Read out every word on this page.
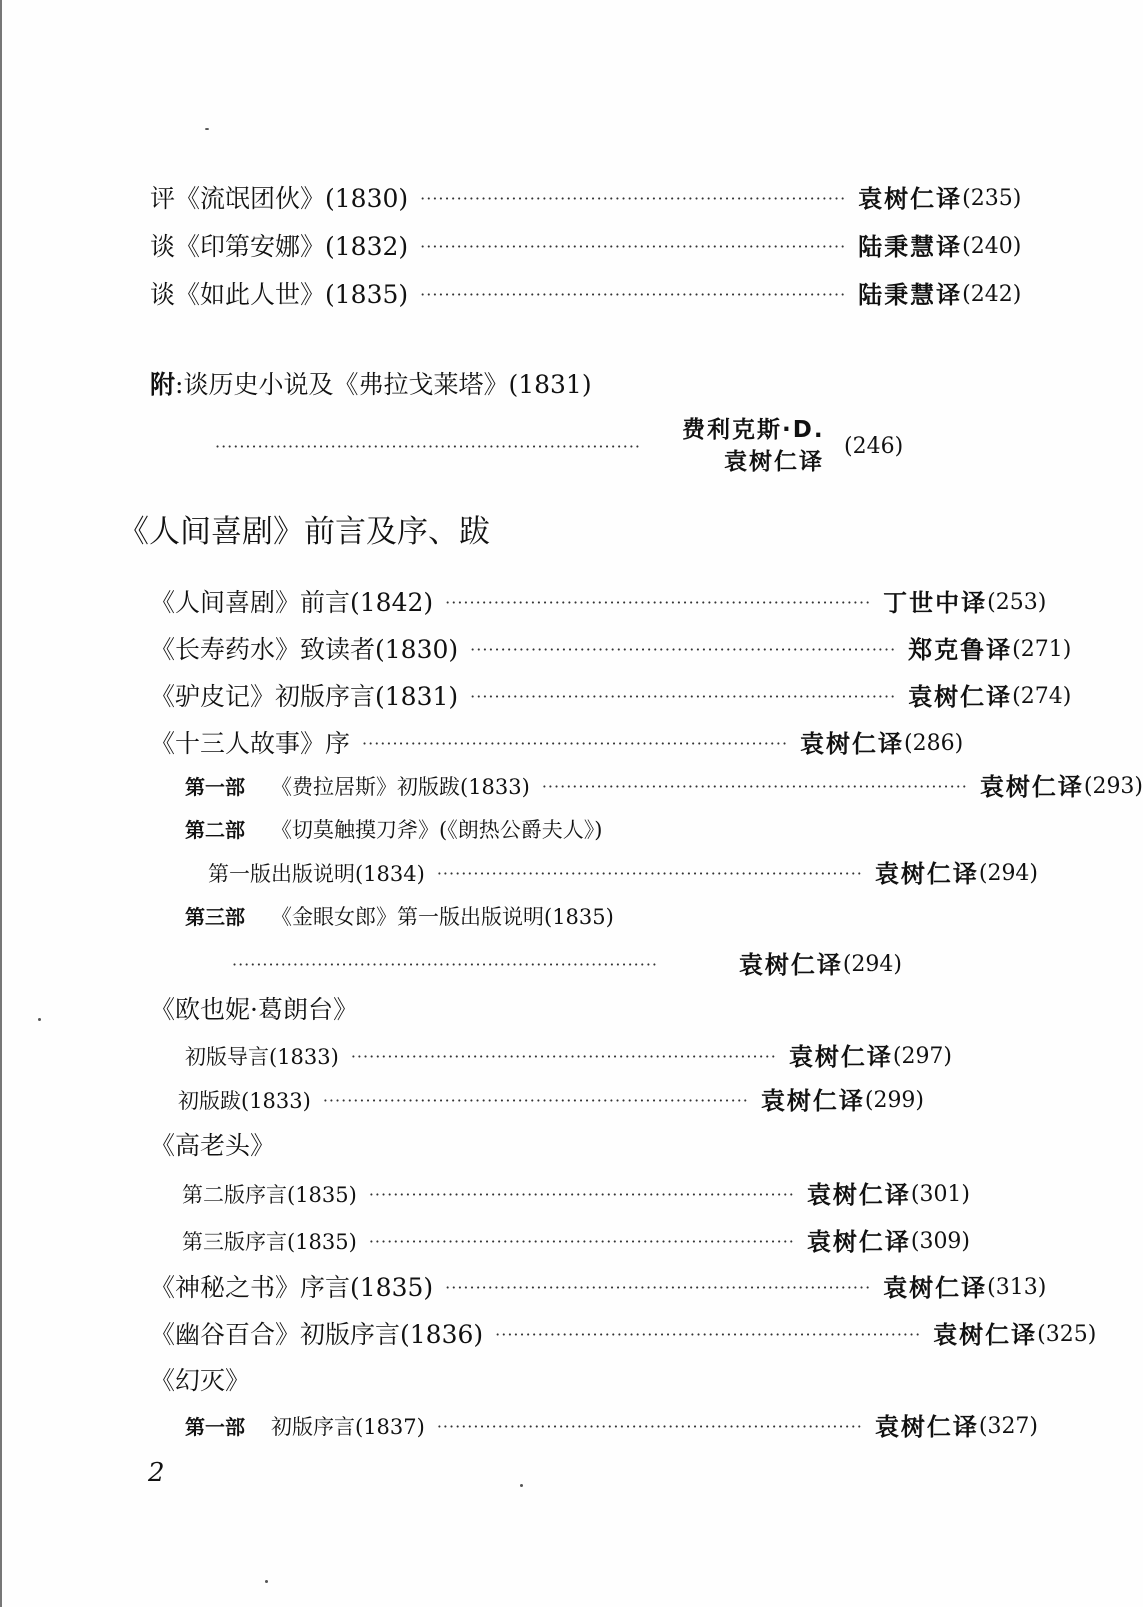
评《流氓团伙》(1830) ······································································ 袁树仁译 (235)
谈《印第安娜》(1832) ······································································ 陆秉慧译 (240)
谈《如此人世》(1835) ······································································ 陆秉慧译 (242)
附 :谈历史小说及《弗拉戈莱塔》(1831)
······································································
费利克斯·D.
袁树仁译
(246)
《人间喜剧》前言及序、跋
《人间喜剧》前言(1842) ······································································ 丁世中译 (253)
《长寿药水》致读者(1830) ······································································ 郑克鲁译 (271)
《驴皮记》初版序言(1831) ······································································ 袁树仁译 (274)
《十三人故事》序 ······································································ 袁树仁译 (286)
第一部 《费拉居斯》初版跋(1833) ······································································ 袁树仁译 (293)
第二部 《切莫触摸刀斧》(《朗热公爵夫人》)
第一版出版说明(1834) ······································································ 袁树仁译 (294)
第三部 《金眼女郎》第一版出版说明(1835)
······································································	袁树仁译 (294)
《欧也妮·葛朗台》
初版导言(1833) ······································································ 袁树仁译 (297)
初版跋(1833) ······································································ 袁树仁译 (299)
《高老头》
第二版序言(1835) ······································································ 袁树仁译 (301)
第三版序言(1835) ······································································ 袁树仁译 (309)
《神秘之书》序言(1835) ······································································ 袁树仁译 (313)
《幽谷百合》初版序言(1836) ······································································ 袁树仁译 (325)
《幻灭》
第一部 初版序言(1837) ······································································ 袁树仁译 (327)
2
